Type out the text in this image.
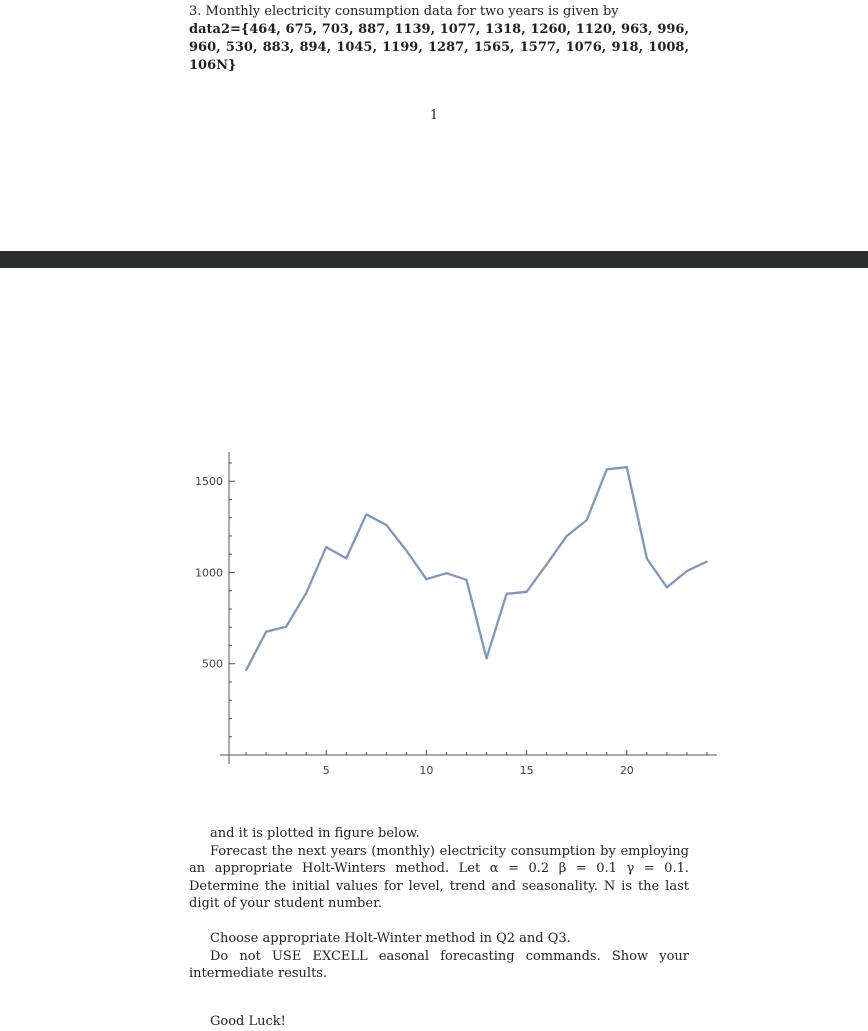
3. Monthly electricity consumption data for two years is given by
data2={464, 675, 703, 887, 1139, 1077, 1318, 1260, 1120, 963, 996, 960, 530, 883, 894, 1045, 1199, 1287, 1565, 1577, 1076, 918, 1008, 106N}
1
5	10	15	20
500
1000
1500
and it is plotted in figure below.
Forecast the next years (monthly) electricity consumption by employing an appropriate Holt-Winters method. Let α = 0.2 β = 0.1 γ = 0.1. Determine the initial values for level, trend and seasonality. N is the last digit of your student number.
Choose appropriate Holt-Winter method in Q2 and Q3.
Do not USE EXCELL easonal forecasting commands. Show your intermediate results.
Good Luck!
